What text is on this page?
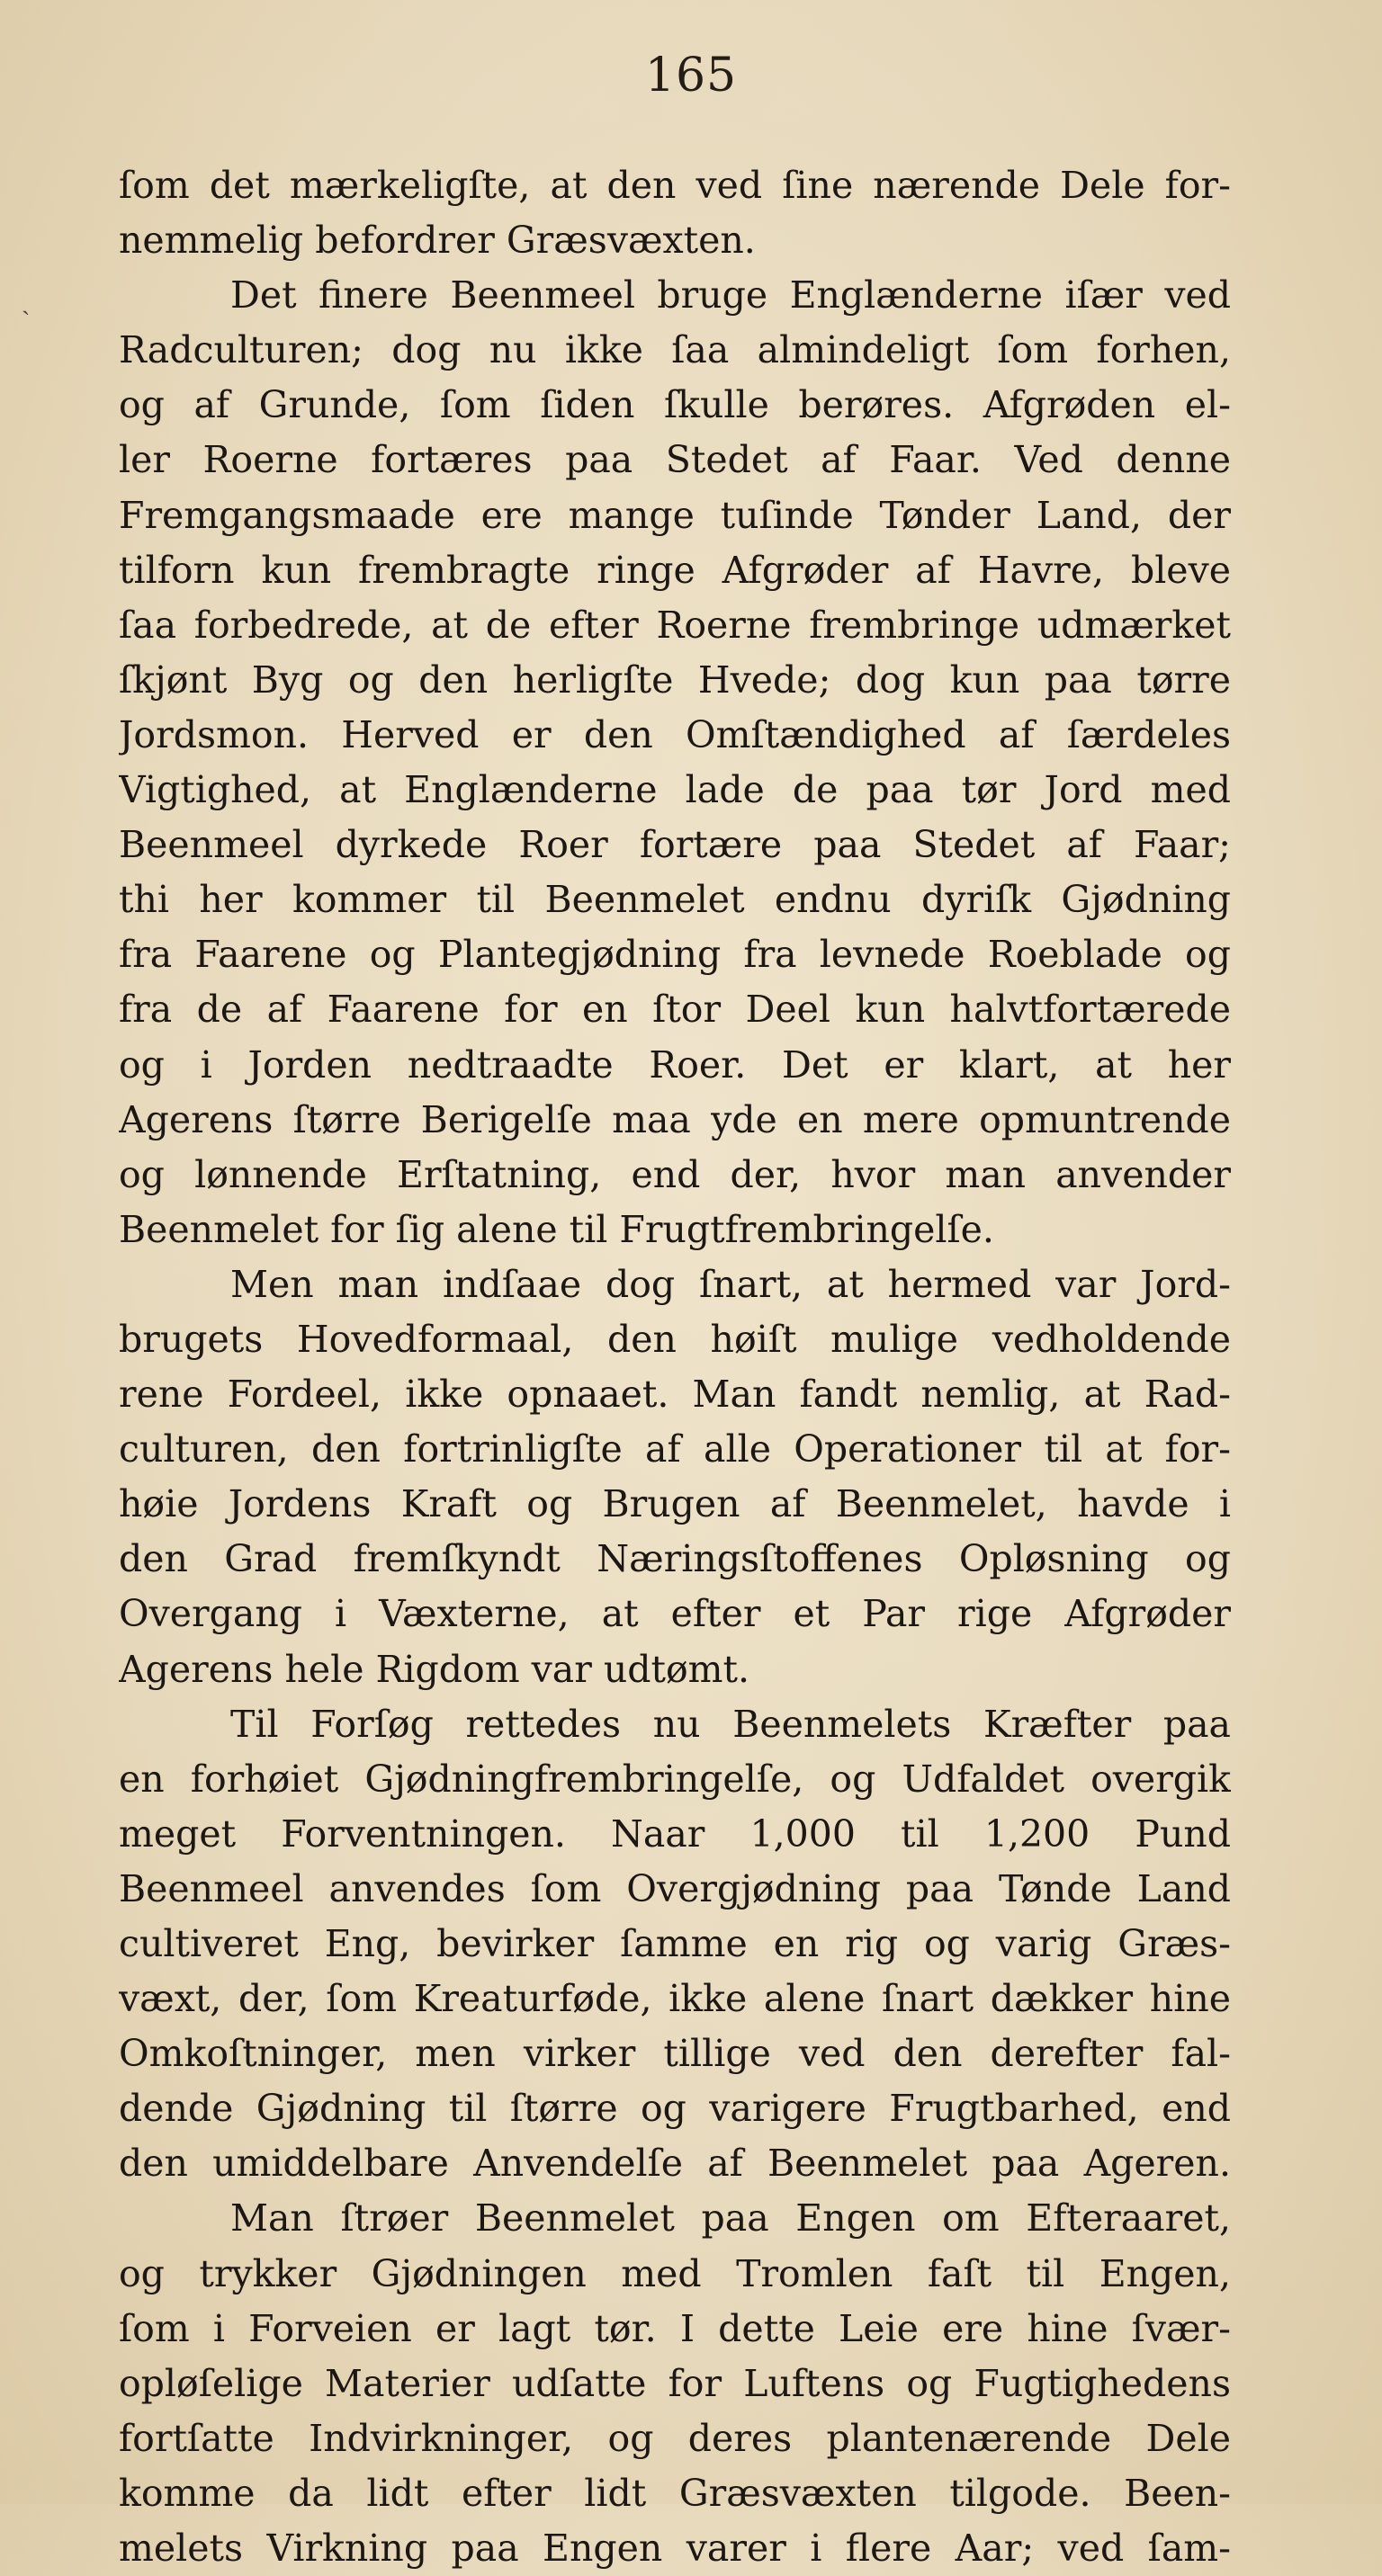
165
ˎ
ſom det mærkeligſte, at den ved ſine nærende Dele for-
nemmelig befordrer Græsvæxten.
Det finere Beenmeel bruge Englænderne iſær ved
Radculturen; dog nu ikke ſaa almindeligt ſom forhen,
og af Grunde, ſom ſiden ſkulle berøres. Afgrøden el-
ler Roerne fortæres paa Stedet af Faar. Ved denne
Fremgangsmaade ere mange tuſinde Tønder Land, der
tilforn kun frembragte ringe Afgrøder af Havre, bleve
ſaa forbedrede, at de efter Roerne frembringe udmærket
ſkjønt Byg og den herligſte Hvede; dog kun paa tørre
Jordsmon. Herved er den Omſtændighed af ſærdeles
Vigtighed, at Englænderne lade de paa tør Jord med
Beenmeel dyrkede Roer fortære paa Stedet af Faar;
thi her kommer til Beenmelet endnu dyriſk Gjødning
fra Faarene og Plantegjødning fra levnede Roeblade og
fra de af Faarene for en ſtor Deel kun halvtfortærede
og i Jorden nedtraadte Roer. Det er klart, at her
Agerens ſtørre Berigelſe maa yde en mere opmuntrende
og lønnende Erſtatning, end der, hvor man anvender
Beenmelet for ſig alene til Frugtfrembringelſe.
Men man indſaae dog ſnart, at hermed var Jord-
brugets Hovedformaal, den høiſt mulige vedholdende
rene Fordeel, ikke opnaaet. Man fandt nemlig, at Rad-
culturen, den fortrinligſte af alle Operationer til at for-
høie Jordens Kraft og Brugen af Beenmelet, havde i
den Grad fremſkyndt Næringsſtoffenes Opløsning og
Overgang i Væxterne, at efter et Par rige Afgrøder
Agerens hele Rigdom var udtømt.
Til Forſøg rettedes nu Beenmelets Kræfter paa
en forhøiet Gjødningfrembringelſe, og Udfaldet overgik
meget Forventningen. Naar 1,000 til 1,200 Pund
Beenmeel anvendes ſom Overgjødning paa Tønde Land
cultiveret Eng, bevirker ſamme en rig og varig Græs-
væxt, der, ſom Kreaturføde, ikke alene ſnart dækker hine
Omkoſtninger, men virker tillige ved den derefter fal-
dende Gjødning til ſtørre og varigere Frugtbarhed, end
den umiddelbare Anvendelſe af Beenmelet paa Ageren.
Man ſtrøer Beenmelet paa Engen om Efteraaret,
og trykker Gjødningen med Tromlen faſt til Engen,
ſom i Forveien er lagt tør. I dette Leie ere hine ſvær-
opløſelige Materier udſatte for Luftens og Fugtighedens
fortſatte Indvirkninger, og deres plantenærende Dele
komme da lidt efter lidt Græsvæxten tilgode. Been-
melets Virkning paa Engen varer i flere Aar; ved ſam-
